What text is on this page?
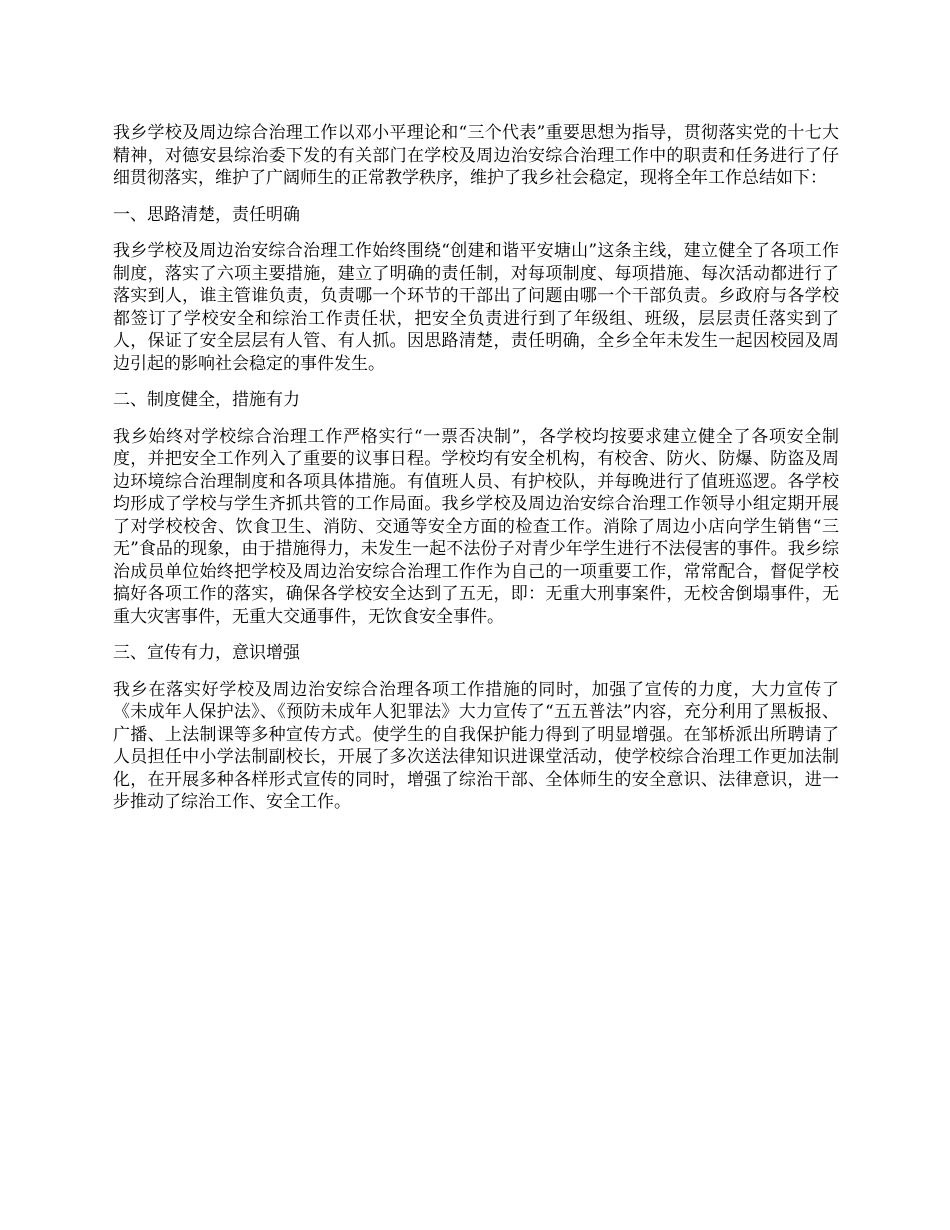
我乡学校及周边综合治理工作以邓小平理论和“三个代表”重要思想为指导，贯彻落实党的十七大精神，对德安县综治委下发的有关部门在学校及周边治安综合治理工作中的职责和任务进行了仔细贯彻落实，维护了广阔师生的正常教学秩序，维护了我乡社会稳定，现将全年工作总结如下：

一、思路清楚，责任明确

我乡学校及周边治安综合治理工作始终围绕“创建和谐平安塘山”这条主线，建立健全了各项工作制度，落实了六项主要措施，建立了明确的责任制，对每项制度、每项措施、每次活动都进行了落实到人，谁主管谁负责，负责哪一个环节的干部出了问题由哪一个干部负责。乡政府与各学校都签订了学校安全和综治工作责任状，把安全负责进行到了年级组、班级，层层责任落实到了人，保证了安全层层有人管、有人抓。因思路清楚，责任明确，全乡全年未发生一起因校园及周边引起的影响社会稳定的事件发生。

二、制度健全，措施有力

我乡始终对学校综合治理工作严格实行“一票否决制”，各学校均按要求建立健全了各项安全制度，并把安全工作列入了重要的议事日程。学校均有安全机构，有校舍、防火、防爆、防盗及周边环境综合治理制度和各项具体措施。有值班人员、有护校队，并每晚进行了值班巡逻。各学校均形成了学校与学生齐抓共管的工作局面。我乡学校及周边治安综合治理工作领导小组定期开展了对学校校舍、饮食卫生、消防、交通等安全方面的检查工作。消除了周边小店向学生销售“三无”食品的现象，由于措施得力，未发生一起不法份子对青少年学生进行不法侵害的事件。我乡综治成员单位始终把学校及周边治安综合治理工作作为自己的一项重要工作，常常配合，督促学校搞好各项工作的落实，确保各学校安全达到了五无，即：无重大刑事案件，无校舍倒塌事件，无重大灾害事件，无重大交通事件，无饮食安全事件。

三、宣传有力，意识增强

我乡在落实好学校及周边治安综合治理各项工作措施的同时，加强了宣传的力度，大力宣传了《未成年人保护法》、《预防未成年人犯罪法》大力宣传了“五五普法”内容，充分利用了黑板报、广播、上法制课等多种宣传方式。使学生的自我保护能力得到了明显增强。在邹桥派出所聘请了人员担任中小学法制副校长，开展了多次送法律知识进课堂活动，使学校综合治理工作更加法制化，在开展多种各样形式宣传的同时，增强了综治干部、全体师生的安全意识、法律意识，进一步推动了综治工作、安全工作。
